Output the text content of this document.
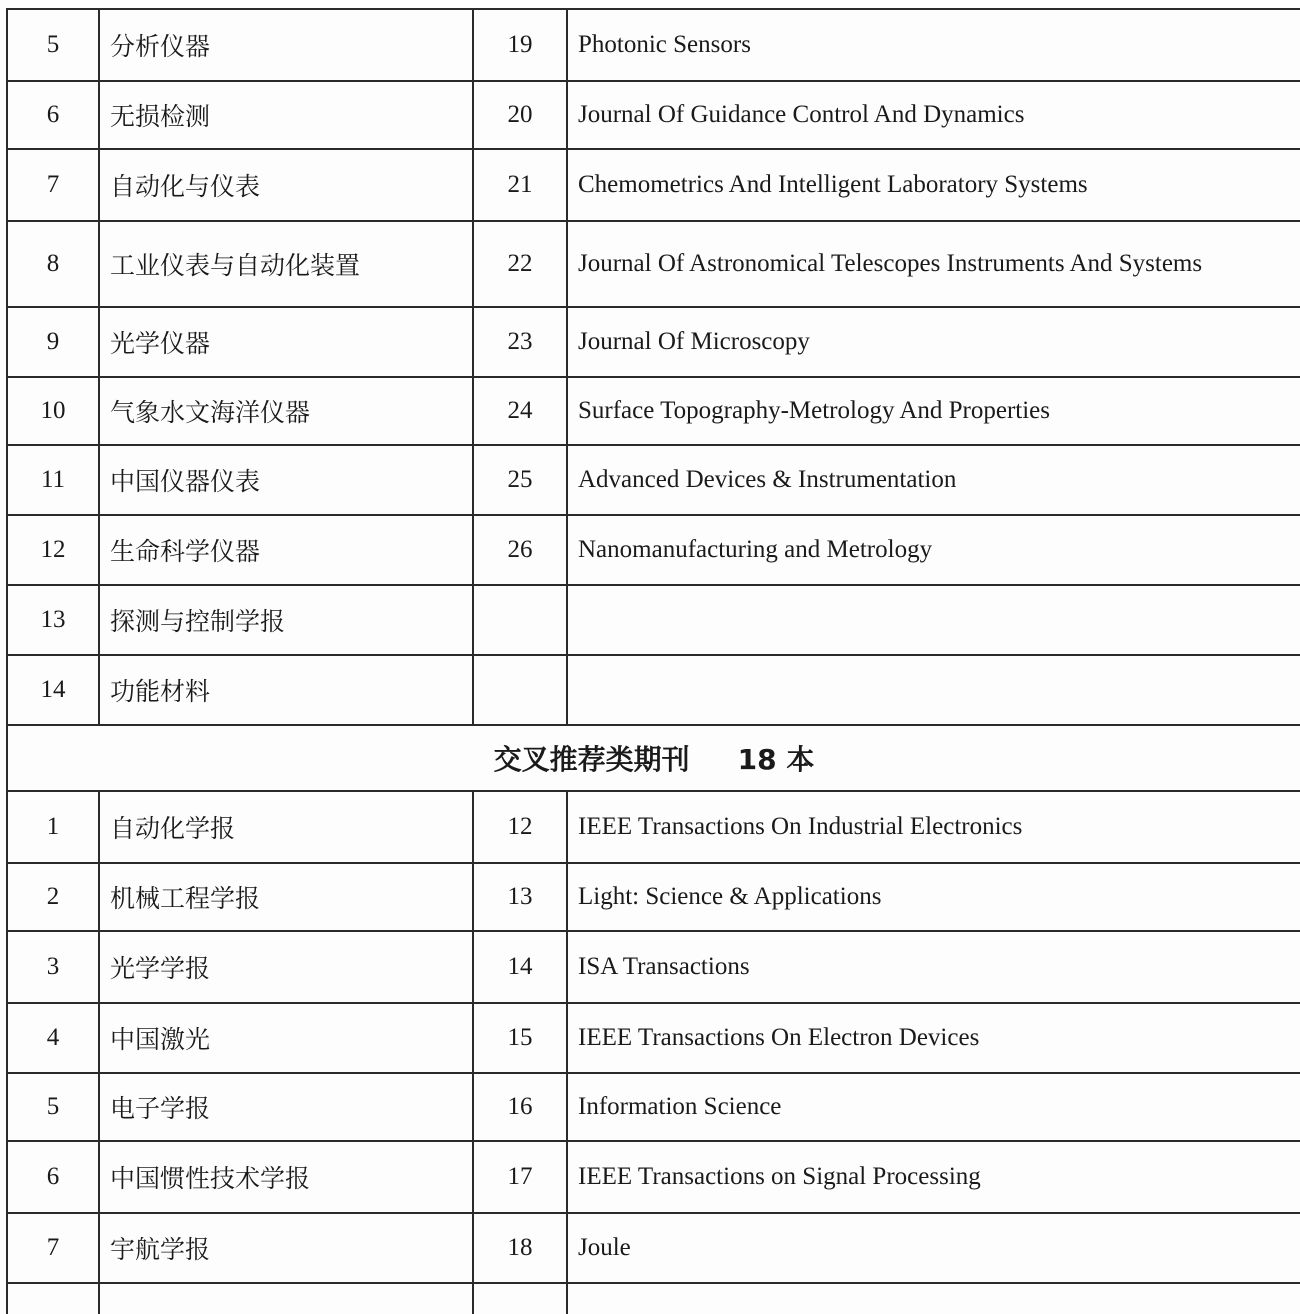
5	分析仪器	19	Photonic Sensors
6	无损检测	20	Journal Of Guidance Control And Dynamics
7	自动化与仪表	21	Chemometrics And Intelligent Laboratory Systems
8	工业仪表与自动化装置	22	Journal Of Astronomical Telescopes Instruments And Systems
9	光学仪器	23	Journal Of Microscopy
10	气象水文海洋仪器	24	Surface Topography-Metrology And Properties
11	中国仪器仪表	25	Advanced Devices & Instrumentation
12	生命科学仪器	26	Nanomanufacturing and Metrology
13	探测与控制学报		
14	功能材料		
交叉推荐类期刊 18 本			
1	自动化学报	12	IEEE Transactions On Industrial Electronics
2	机械工程学报	13	Light: Science & Applications
3	光学学报	14	ISA Transactions
4	中国激光	15	IEEE Transactions On Electron Devices
5	电子学报	16	Information Science
6	中国惯性技术学报	17	IEEE Transactions on Signal Processing
7	宇航学报	18	Joule
